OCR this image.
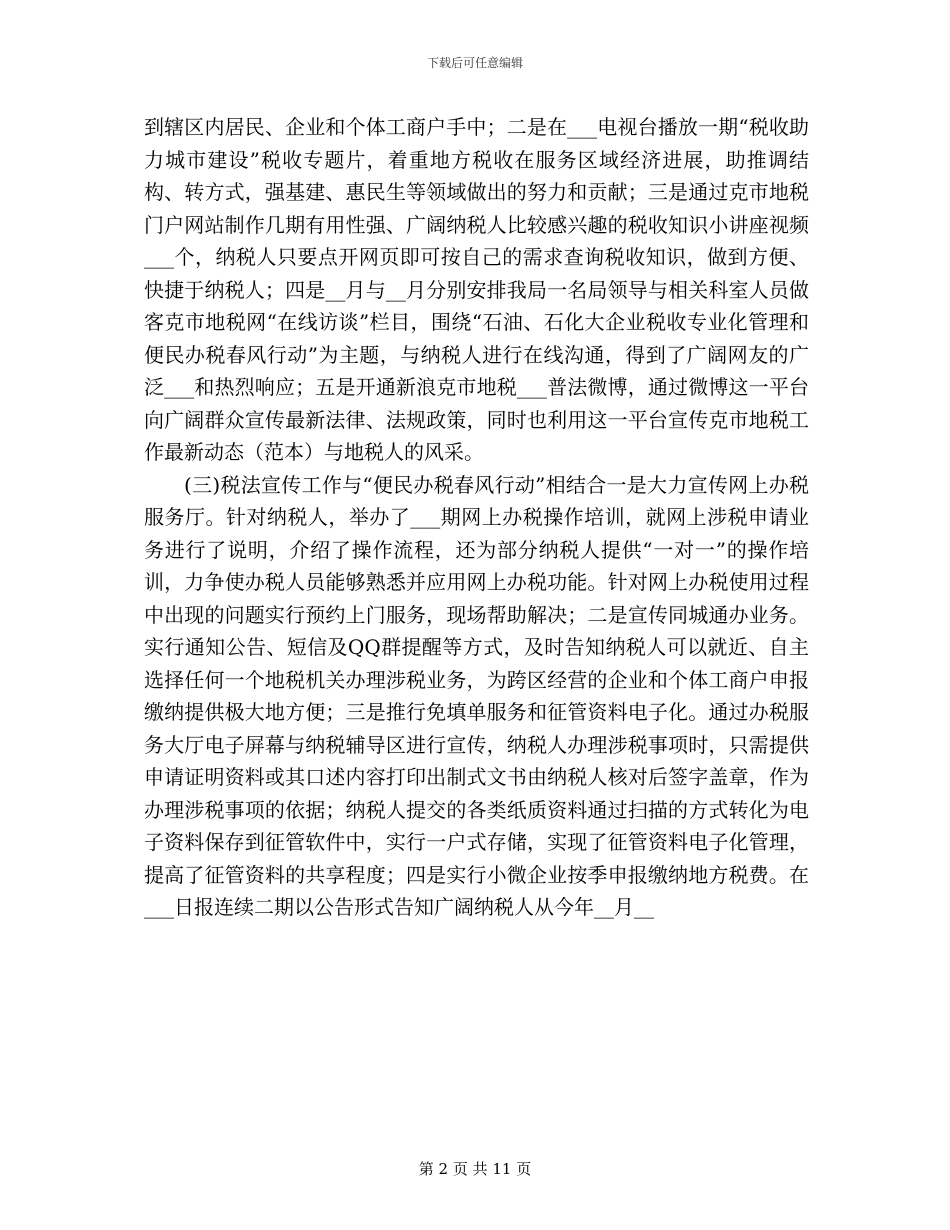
下载后可任意编辑

到辖区内居民、企业和个体工商户手中；二是在___电视台播放一期“税收助力城市建设”税收专题片，着重地方税收在服务区域经济进展，助推调结构、转方式，强基建、惠民生等领域做出的努力和贡献；三是通过克市地税门户网站制作几期有用性强、广阔纳税人比较感兴趣的税收知识小讲座视频___个，纳税人只要点开网页即可按自己的需求查询税收知识，做到方便、快捷于纳税人；四是__月与__月分别安排我局一名局领导与相关科室人员做客克市地税网“在线访谈”栏目，围绕“石油、石化大企业税收专业化管理和便民办税春风行动”为主题，与纳税人进行在线沟通，得到了广阔网友的广泛___和热烈响应；五是开通新浪克市地税___普法微博，通过微博这一平台向广阔群众宣传最新法律、法规政策，同时也利用这一平台宣传克市地税工作最新动态（范本）与地税人的风采。

(三)税法宣传工作与“便民办税春风行动”相结合一是大力宣传网上办税服务厅。针对纳税人，举办了___期网上办税操作培训，就网上涉税申请业务进行了说明，介绍了操作流程，还为部分纳税人提供“一对一”的操作培训，力争使办税人员能够熟悉并应用网上办税功能。针对网上办税使用过程中出现的问题实行预约上门服务，现场帮助解决；二是宣传同城通办业务。实行通知公告、短信及QQ群提醒等方式，及时告知纳税人可以就近、自主选择任何一个地税机关办理涉税业务，为跨区经营的企业和个体工商户申报缴纳提供极大地方便；三是推行免填单服务和征管资料电子化。通过办税服务大厅电子屏幕与纳税辅导区进行宣传，纳税人办理涉税事项时，只需提供申请证明资料或其口述内容打印出制式文书由纳税人核对后签字盖章，作为办理涉税事项的依据；纳税人提交的各类纸质资料通过扫描的方式转化为电子资料保存到征管软件中，实行一户式存储，实现了征管资料电子化管理，提高了征管资料的共享程度；四是实行小微企业按季申报缴纳地方税费。在___日报连续二期以公告形式告知广阔纳税人从今年__月__

第 2 页 共 11 页
